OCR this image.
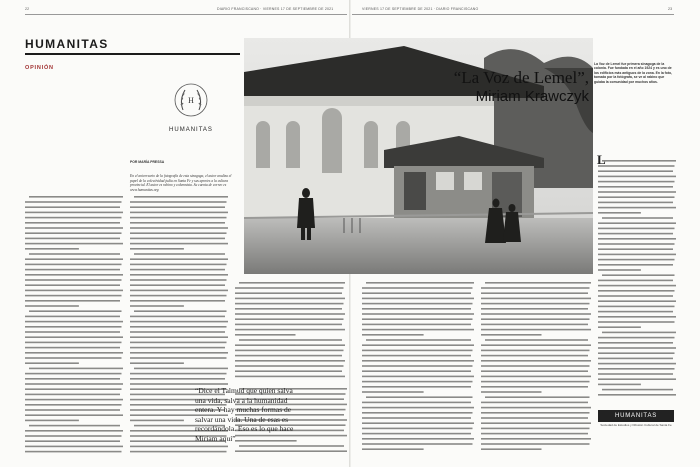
22	DIARIO FRANCISCANO · VIERNES 17 DE SEPTIEMBRE DE 2021
HUMANITAS
OPINIÓN
VIERNES 17 DE SEPTIEMBRE DE 2021 · DIARIO FRANCISCANO	23
H
HUMANITAS
POR MARÍA PRESSA
En el aniversario de la fotografía de esta sinagoga, el autor analiza el papel de la colectividad judía en Santa Fe y sus aportes a la cultura provincial. El autor es rabino y columnista. Su cuenta de correo es www.humanitas.org
“Dice el Talmud que quien salva una vida, salva a la humanidad entera. Y hay muchas formas de salvar una vida. Una de esas es recordándola. Eso es lo que hace Miriam aquí”
“La Voz de Lemel”,
Miriam Krawczyk
La Voz de Lemel fue primera sinagoga de la colonia. Fue fundada en el año 1924 y es uno de los edificios más antiguos de la zona. En la foto, tomada por la fotógrafa, se ve al rabino que guiaba la comunidad por muchos años.
L
HUMANITAS
Sociedad de Estudios y Difusión Cultural de Santa Fe
